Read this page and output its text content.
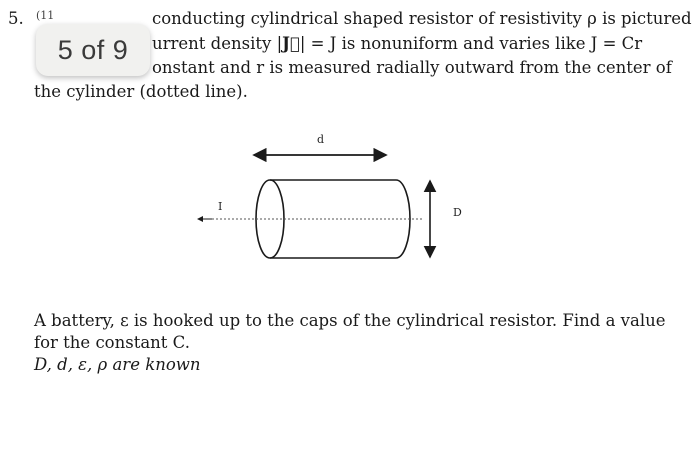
5. (11	conducting cylindrical shaped resistor of resistivity ρ is pictured
urrent density |J⃗| = J is nonuniform and varies like J = Cr
onstant and r is measured radially outward from the center of
the cylinder (dotted line).
5 of 9
d
I	D
A battery, ε is hooked up to the caps of the cylindrical resistor. Find a value
for the constant C.
D, d, ε, ρ are known
